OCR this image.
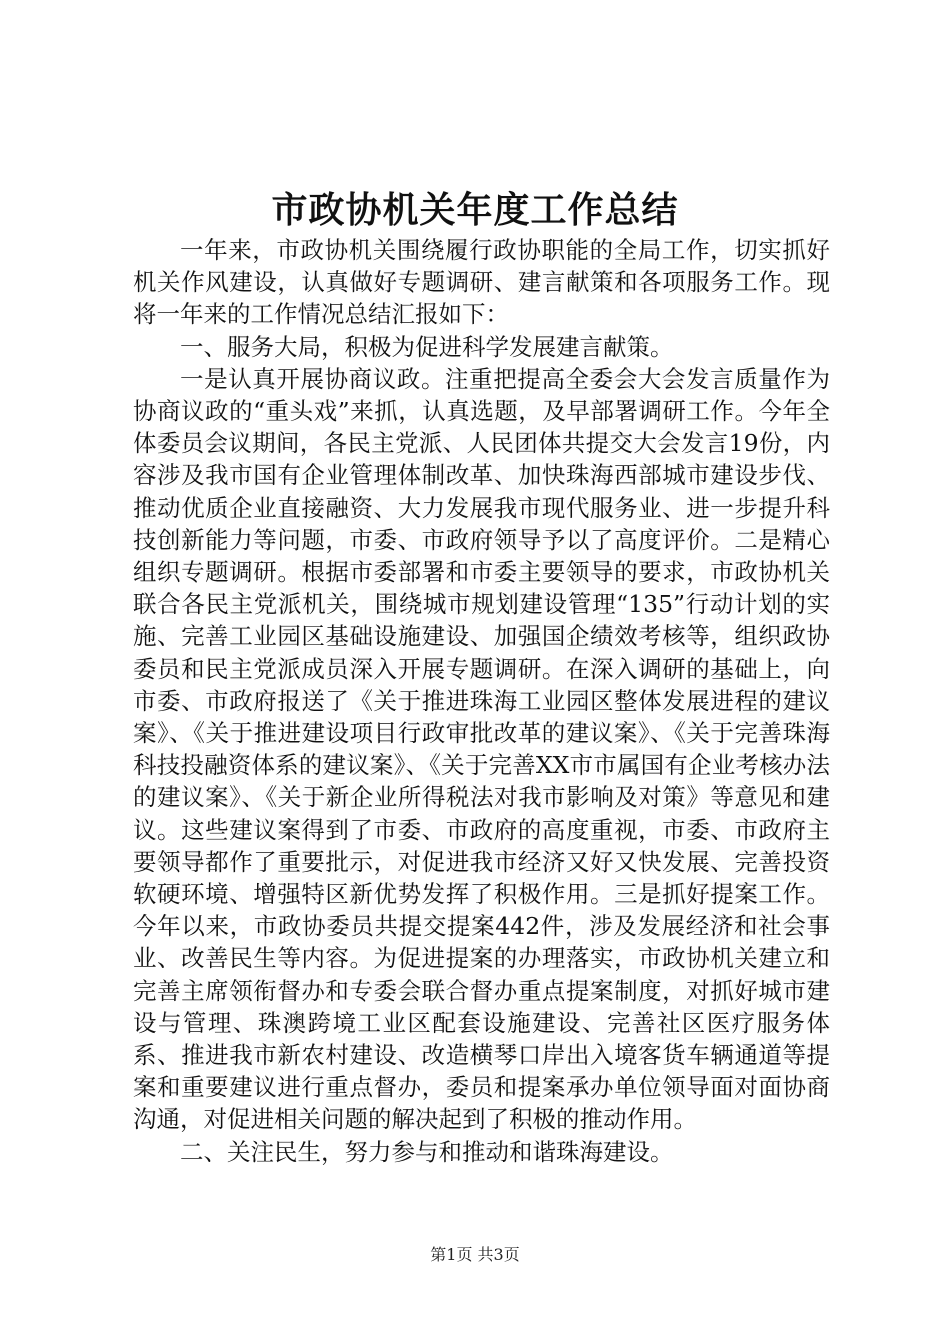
市政协机关年度工作总结

一年来，市政协机关围绕履行政协职能的全局工作，切实抓好机关作风建设，认真做好专题调研、建言献策和各项服务工作。现将一年来的工作情况总结汇报如下：

一、服务大局，积极为促进科学发展建言献策。

一是认真开展协商议政。注重把提高全委会大会发言质量作为协商议政的“重头戏”来抓，认真选题，及早部署调研工作。今年全体委员会议期间，各民主党派、人民团体共提交大会发言19份，内容涉及我市国有企业管理体制改革、加快珠海西部城市建设步伐、推动优质企业直接融资、大力发展我市现代服务业、进一步提升科技创新能力等问题，市委、市政府领导予以了高度评价。二是精心组织专题调研。根据市委部署和市委主要领导的要求，市政协机关联合各民主党派机关，围绕城市规划建设管理“135”行动计划的实施、完善工业园区基础设施建设、加强国企绩效考核等，组织政协委员和民主党派成员深入开展专题调研。在深入调研的基础上，向市委、市政府报送了《关于推进珠海工业园区整体发展进程的建议案》、《关于推进建设项目行政审批改革的建议案》、《关于完善珠海科技投融资体系的建议案》、《关于完善XX市市属国有企业考核办法的建议案》、《关于新企业所得税法对我市影响及对策》等意见和建议。这些建议案得到了市委、市政府的高度重视，市委、市政府主要领导都作了重要批示，对促进我市经济又好又快发展、完善投资软硬环境、增强特区新优势发挥了积极作用。三是抓好提案工作。今年以来，市政协委员共提交提案442件，涉及发展经济和社会事业、改善民生等内容。为促进提案的办理落实，市政协机关建立和完善主席领衔督办和专委会联合督办重点提案制度，对抓好城市建设与管理、珠澳跨境工业区配套设施建设、完善社区医疗服务体系、推进我市新农村建设、改造横琴口岸出入境客货车辆通道等提案和重要建议进行重点督办，委员和提案承办单位领导面对面协商沟通，对促进相关问题的解决起到了积极的推动作用。

二、关注民生，努力参与和推动和谐珠海建设。

第1页 共3页
